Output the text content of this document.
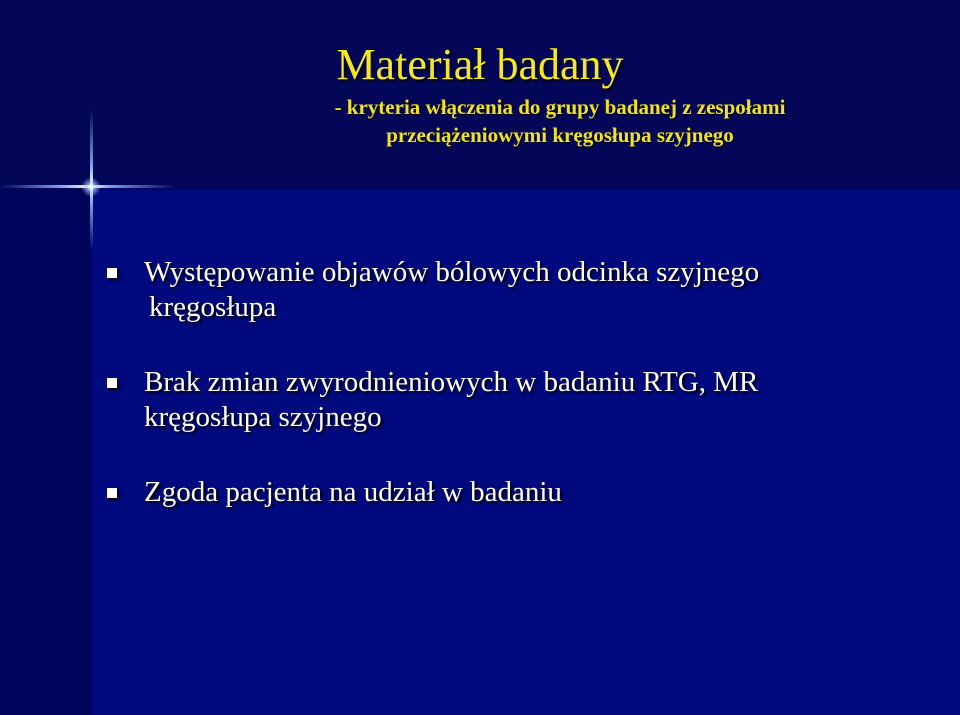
Materiał badany
- kryteria włączenia do grupy badanej z zespołami
przeciążeniowymi kręgosłupa szyjnego
Występowanie objawów bólowych odcinka szyjnego
kręgosłupa
Brak zmian zwyrodnieniowych w badaniu RTG, MR
kręgosłupa szyjnego
Zgoda pacjenta na udział w badaniu
